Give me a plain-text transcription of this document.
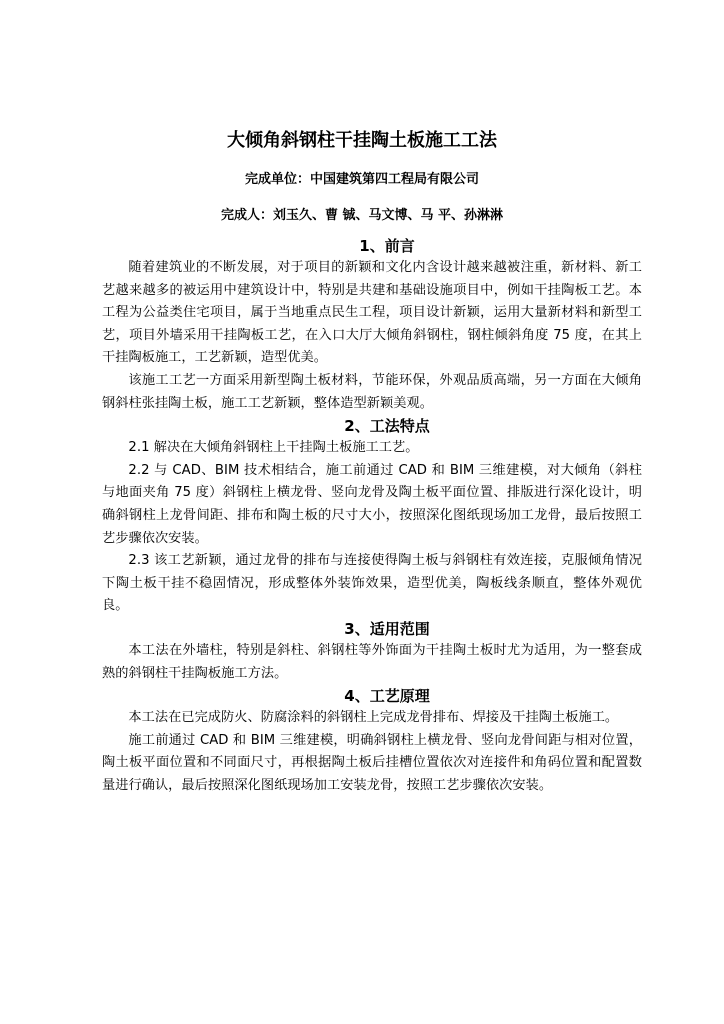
大倾角斜钢柱干挂陶土板施工工法

完成单位：中国建筑第四工程局有限公司

完成人：刘玉久、曹 铖、马文博、马 平、孙淋淋

1、前言

随着建筑业的不断发展，对于项目的新颖和文化内含设计越来越被注重，新材料、新工艺越来越多的被运用中建筑设计中，特别是共建和基础设施项目中，例如干挂陶板工艺。本工程为公益类住宅项目，属于当地重点民生工程，项目设计新颖，运用大量新材料和新型工艺，项目外墙采用干挂陶板工艺，在入口大厅大倾角斜钢柱，钢柱倾斜角度 75 度，在其上干挂陶板施工，工艺新颖，造型优美。

该施工工艺一方面采用新型陶土板材料，节能环保，外观品质高端，另一方面在大倾角钢斜柱张挂陶土板，施工工艺新颖，整体造型新颖美观。

2、工法特点

2.1 解决在大倾角斜钢柱上干挂陶土板施工工艺。

2.2 与 CAD、BIM 技术相结合，施工前通过 CAD 和 BIM 三维建模，对大倾角（斜柱与地面夹角 75 度）斜钢柱上横龙骨、竖向龙骨及陶土板平面位置、排版进行深化设计，明确斜钢柱上龙骨间距、排布和陶土板的尺寸大小，按照深化图纸现场加工龙骨，最后按照工艺步骤依次安装。

2.3 该工艺新颖，通过龙骨的排布与连接使得陶土板与斜钢柱有效连接，克服倾角情况下陶土板干挂不稳固情况，形成整体外装饰效果，造型优美，陶板线条顺直，整体外观优良。

3、适用范围

本工法在外墙柱，特别是斜柱、斜钢柱等外饰面为干挂陶土板时尤为适用，为一整套成熟的斜钢柱干挂陶板施工方法。

4、工艺原理

本工法在已完成防火、防腐涂料的斜钢柱上完成龙骨排布、焊接及干挂陶土板施工。

施工前通过 CAD 和 BIM 三维建模，明确斜钢柱上横龙骨、竖向龙骨间距与相对位置，陶土板平面位置和不同面尺寸，再根据陶土板后挂槽位置依次对连接件和角码位置和配置数量进行确认，最后按照深化图纸现场加工安装龙骨，按照工艺步骤依次安装。
